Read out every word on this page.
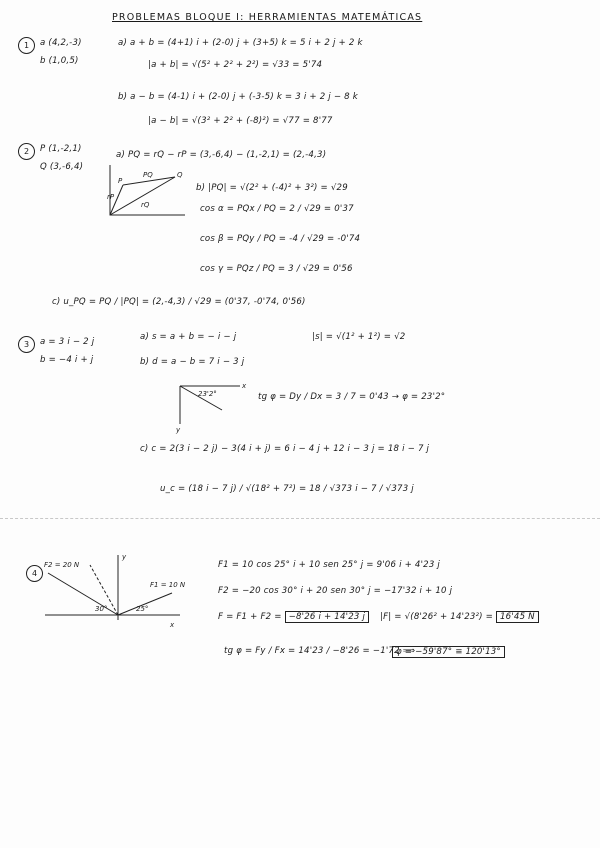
PROBLEMAS BLOQUE I: HERRAMIENTAS MATEMÁTICAS
1	a (4,2,-3)
b (1,0,5)
a) a + b = (4+1) i + (2-0) j + (3+5) k = 5 i + 2 j + 2 k
|a + b| = √(5² + 2² + 2²) = √33 = 5'74
b) a − b = (4-1) i + (2-0) j + (-3-5) k = 3 i + 2 j − 8 k
|a − b| = √(3² + 2² + (-8)²) = √77 = 8'77
2	P (1,-2,1)
Q (3,-6,4)
a) PQ = rQ − rP = (3,-6,4) − (1,-2,1) = (2,-4,3)
P
Q
PQ
rP
rQ
b) |PQ| = √(2² + (-4)² + 3²) = √29
cos α = PQx / PQ = 2 / √29 = 0'37
cos β = PQy / PQ = -4 / √29 = -0'74
cos γ = PQz / PQ = 3 / √29 = 0'56
c) u_PQ = PQ / |PQ| = (2,-4,3) / √29 = (0'37, -0'74, 0'56)
3	a = 3 i − 2 j
b = −4 i + j
a) s = a + b = − i − j	|s| = √(1² + 1²) = √2
b) d = a − b = 7 i − 3 j
23'2°
x
y
tg φ = Dy / Dx = 3 / 7 = 0'43 → φ = 23'2°
c) c = 2(3 i − 2 j) − 3(4 i + j) = 6 i − 4 j + 12 i − 3 j = 18 i − 7 j
u_c = (18 i − 7 j) / √(18² + 7²) = 18 / √373 i − 7 / √373 j
4
F2 = 20 N
F1 = 10 N
30°	25°
x
y
F1 = 10 cos 25° i + 10 sen 25° j = 9'06 i + 4'23 j
F2 = −20 cos 30° i + 20 sen 30° j = −17'32 i + 10 j
F = F1 + F2 = −8'26 i + 14'23 j	|F| = √(8'26² + 14'23²) = 16'45 N
tg φ = Fy / Fx = 14'23 / −8'26 = −1'72 ⟹
φ = −59'87° ≡ 120'13°
